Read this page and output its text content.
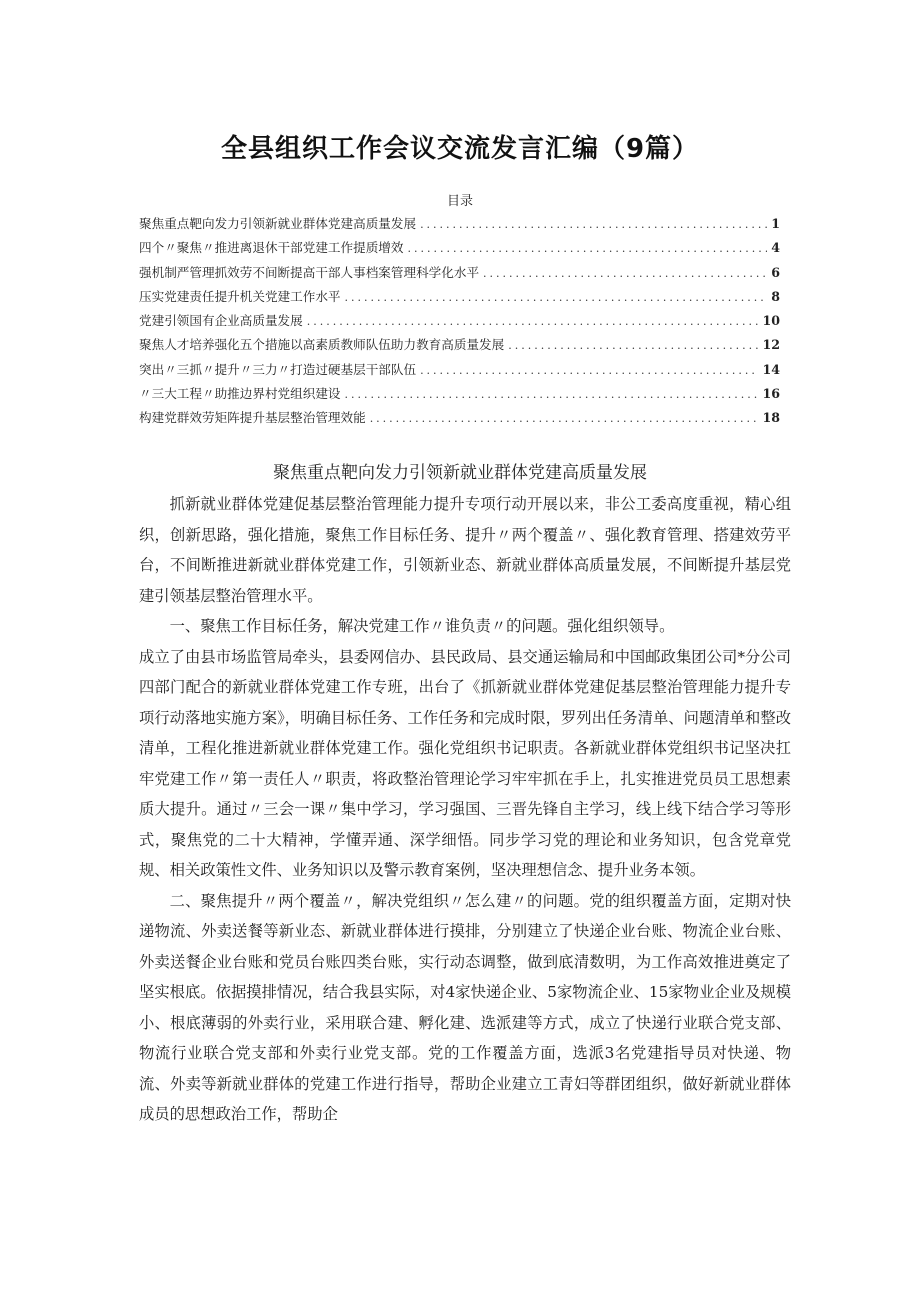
全县组织工作会议交流发言汇编（9篇）
目录
聚焦重点靶向发力引领新就业群体党建高质量发展 .....	1
四个〃聚焦〃推进离退休干部党建工作提质增效 .....	4
强机制严管理抓效劳不间断提高干部人事档案管理科学化水平 .....	6
压实党建责任提升机关党建工作水平 .....	8
党建引领国有企业高质量发展 .....	10
聚焦人才培养强化五个措施以高素质教师队伍助力教育高质量发展 .....	12
突出〃三抓〃提升〃三力〃打造过硬基层干部队伍 .....	14
〃三大工程〃助推边界村党组织建设 .....	16
构建党群效劳矩阵提升基层整治管理效能 .....	18
聚焦重点靶向发力引领新就业群体党建高质量发展

抓新就业群体党建促基层整治管理能力提升专项行动开展以来，非公工委高度重视，精心组织，创新思路，强化措施，聚焦工作目标任务、提升〃两个覆盖〃、强化教育管理、搭建效劳平台，不间断推进新就业群体党建工作，引领新业态、新就业群体高质量发展，不间断提升基层党建引领基层整治管理水平。

一、聚焦工作目标任务，解决党建工作〃谁负责〃的问题。强化组织领导。

成立了由县市场监管局牵头，县委网信办、县民政局、县交通运输局和中国邮政集团公司*分公司四部门配合的新就业群体党建工作专班，出台了《抓新就业群体党建促基层整治管理能力提升专项行动落地实施方案》，明确目标任务、工作任务和完成时限，罗列出任务清单、问题清单和整改清单，工程化推进新就业群体党建工作。强化党组织书记职责。各新就业群体党组织书记坚决扛牢党建工作〃第一责任人〃职责，将政整治管理论学习牢牢抓在手上，扎实推进党员员工思想素质大提升。通过〃三会一课〃集中学习，学习强国、三晋先锋自主学习，线上线下结合学习等形式，聚焦党的二十大精神，学懂弄通、深学细悟。同步学习党的理论和业务知识，包含党章党规、相关政策性文件、业务知识以及警示教育案例，坚决理想信念、提升业务本领。

二、聚焦提升〃两个覆盖〃，解决党组织〃怎么建〃的问题。党的组织覆盖方面，定期对快递物流、外卖送餐等新业态、新就业群体进行摸排，分别建立了快递企业台账、物流企业台账、外卖送餐企业台账和党员台账四类台账，实行动态调整，做到底清数明，为工作高效推进奠定了坚实根底。依据摸排情况，结合我县实际，对4家快递企业、5家物流企业、15家物业企业及规模小、根底薄弱的外卖行业，采用联合建、孵化建、选派建等方式，成立了快递行业联合党支部、物流行业联合党支部和外卖行业党支部。党的工作覆盖方面，选派3名党建指导员对快递、物流、外卖等新就业群体的党建工作进行指导，帮助企业建立工青妇等群团组织，做好新就业群体成员的思想政治工作，帮助企
